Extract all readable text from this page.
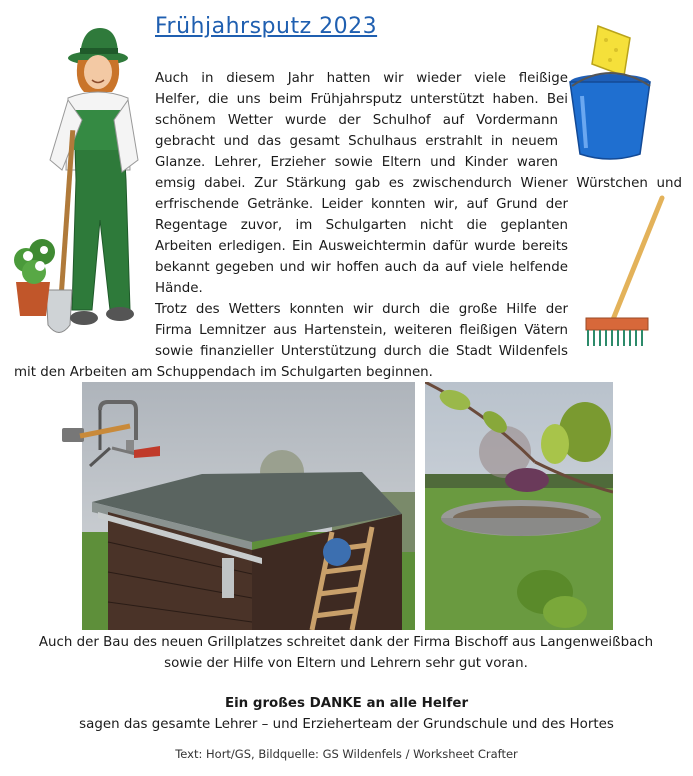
Frühjahrsputz 2023
Auch in diesem Jahr hatten wir wieder viele fleißige
Helfer, die uns beim Frühjahrsputz unterstützt haben. Bei
schönem Wetter wurde der Schulhof auf Vordermann
gebracht und das gesamt Schulhaus erstrahlt in neuem
Glanze. Lehrer, Erzieher sowie Eltern und Kinder waren
emsig dabei. Zur Stärkung gab es zwischendurch Wiener Würstchen und
erfrischende Getränke. Leider konnten wir, auf Grund der
Regentage zuvor, im Schulgarten nicht die geplanten
Arbeiten erledigen. Ein Ausweichtermin dafür wurde bereits
bekannt gegeben und wir hoffen auch da auf viele helfende
Hände.
Trotz des Wetters konnten wir durch die große Hilfe der
Firma Lemnitzer aus Hartenstein, weiteren fleißigen Vätern
sowie finanzieller Unterstützung durch die Stadt Wildenfels
mit den Arbeiten am Schuppendach im Schulgarten beginnen.
Auch der Bau des neuen Grillplatzes schreitet dank der Firma Bischoff aus Langenweißbach
sowie der Hilfe von Eltern und Lehrern sehr gut voran.
Ein großes DANKE an alle Helfer
sagen das gesamte Lehrer – und Erzieherteam der Grundschule und des Hortes
Text: Hort/GS, Bildquelle: GS Wildenfels / Worksheet Crafter
